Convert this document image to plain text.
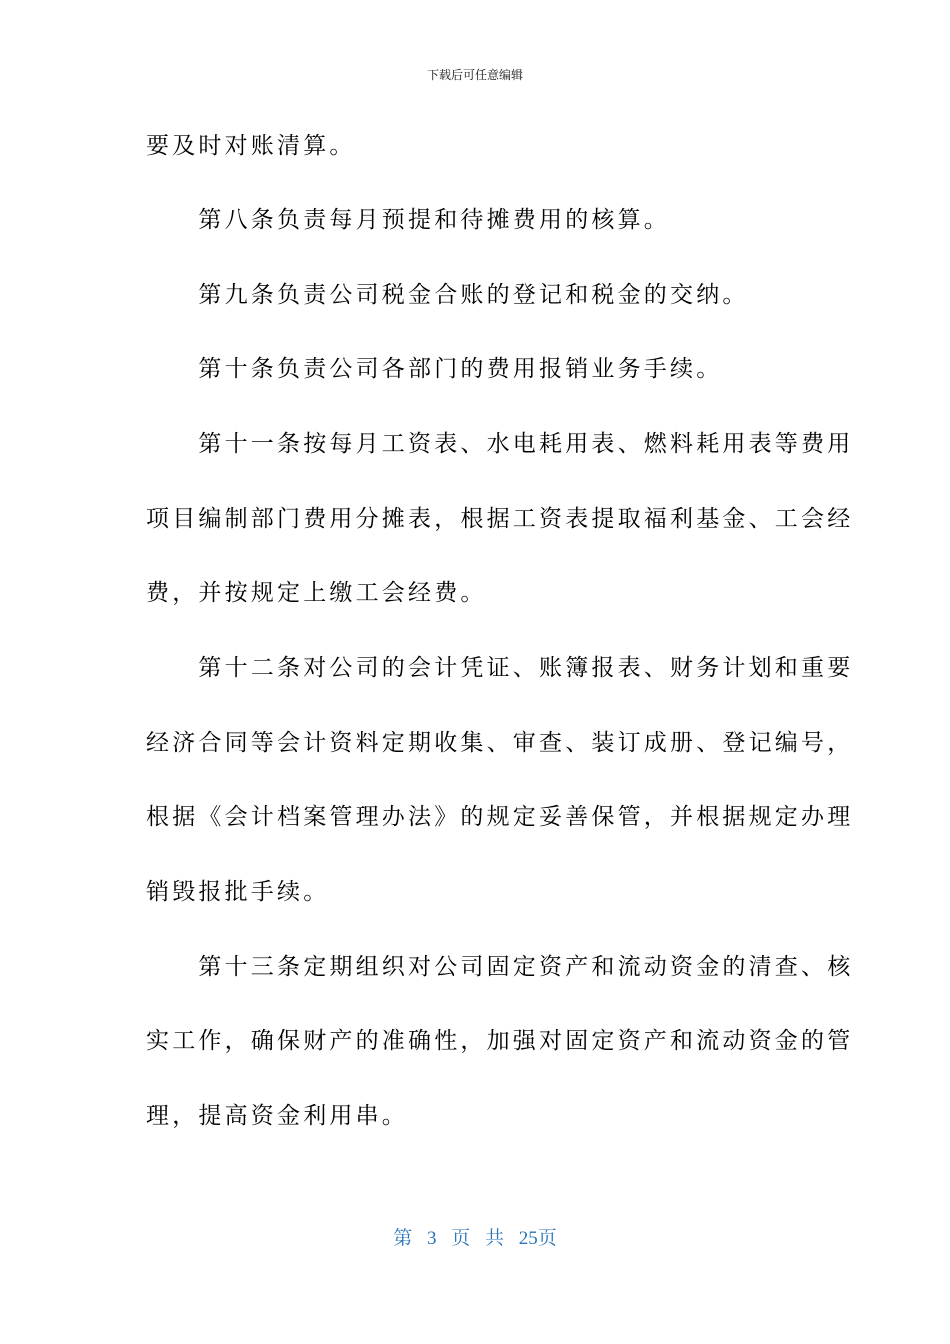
下载后可任意编辑
要及时对账清算。
　　第八条负责每月预提和待摊费用的核算。
　　第九条负责公司税金合账的登记和税金的交纳。
　　第十条负责公司各部门的费用报销业务手续。
　　第十一条按每月工资表、水电耗用表、燃料耗用表等费用
项目编制部门费用分摊表，根据工资表提取福利基金、工会经
费，并按规定上缴工会经费。
　　第十二条对公司的会计凭证、账簿报表、财务计划和重要
经济合同等会计资料定期收集、审查、装订成册、登记编号，
根据《会计档案管理办法》的规定妥善保管，并根据规定办理
销毁报批手续。
　　第十三条定期组织对公司固定资产和流动资金的清查、核
实工作，确保财产的准确性，加强对固定资产和流动资金的管
理，提高资金利用串。
第 3 页 共 25页
